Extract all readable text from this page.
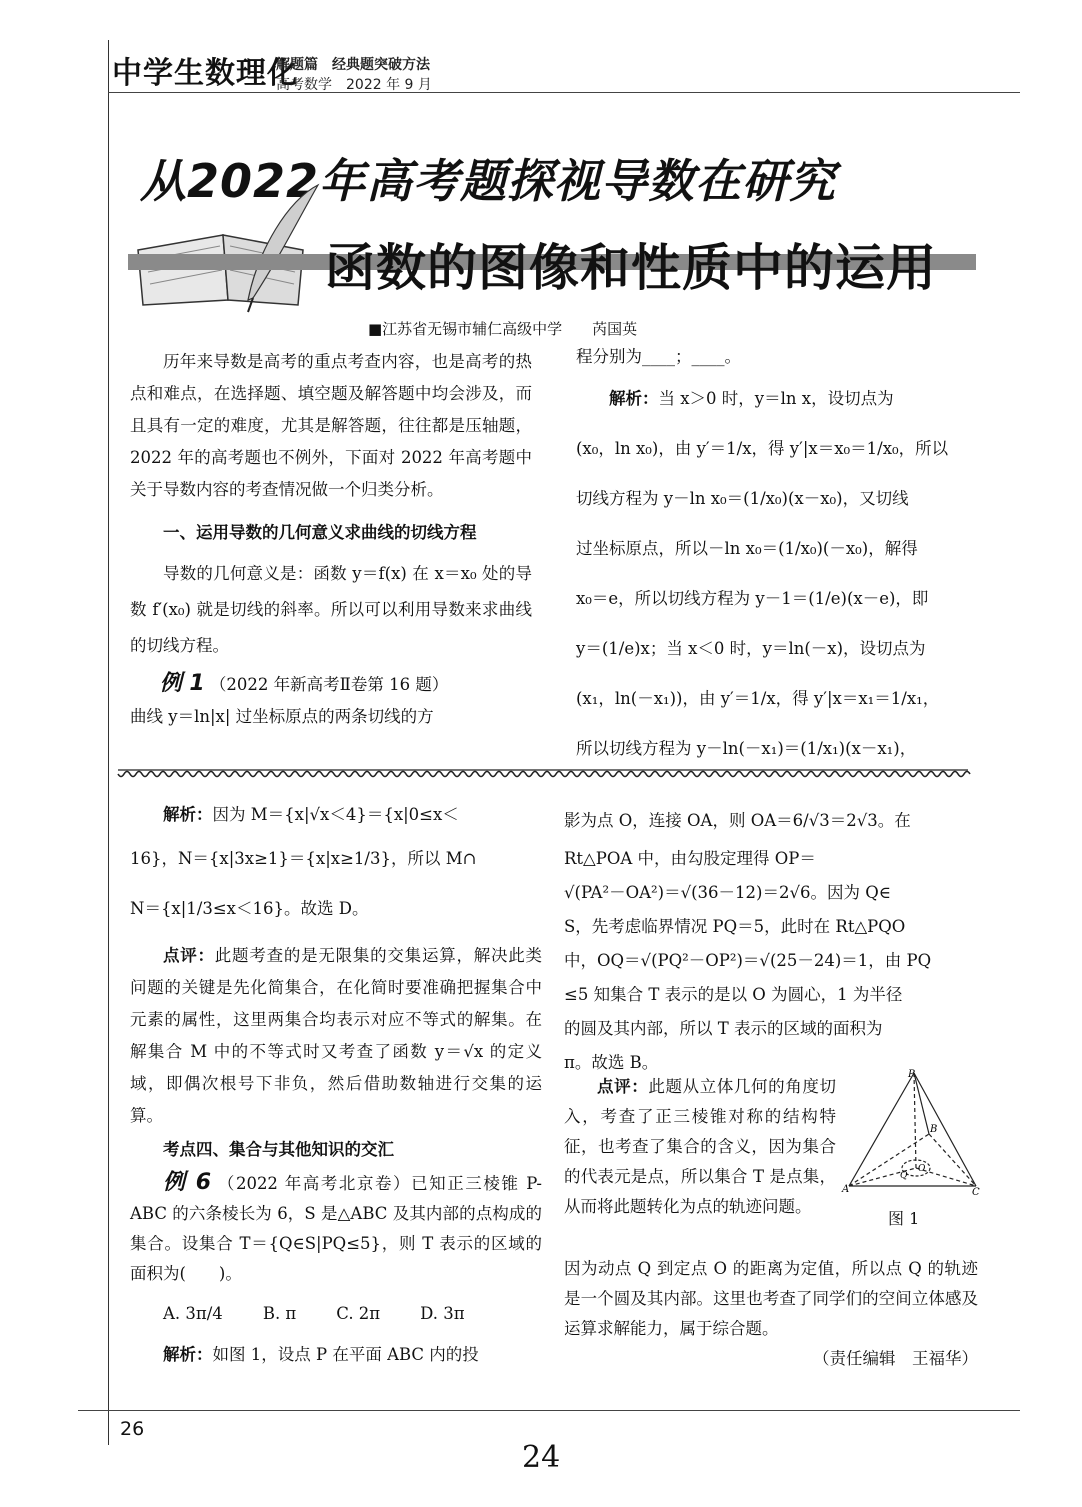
中学生数理化
解题篇　经典题突破方法
高考数学　2022 年 9 月
从2022年高考题探视导数在研究
函数的图像和性质中的运用
■江苏省无锡市辅仁高级中学　　芮国英

历年来导数是高考的重点考查内容，也是高考的热点和难点，在选择题、填空题及解答题中均会涉及，而且具有一定的难度，尤其是解答题，往往都是压轴题，2022 年的高考题也不例外，下面对 2022 年高考题中关于导数内容的考查情况做一个归类分析。

一、运用导数的几何意义求曲线的切线方程

导数的几何意义是：函数 y＝f(x) 在 x＝x₀ 处的导数 f′(x₀) 就是切线的斜率。所以可以利用导数来求曲线的切线方程。

例 1 （2022 年新高考Ⅱ卷第 16 题）

曲线 y＝ln|x| 过坐标原点的两条切线的方

程分别为____；____。

解析：当 x＞0 时，y＝ln x，设切点为

(x₀，ln x₀)，由 y′＝1/x，得 y′|x＝x₀＝1/x₀，所以

切线方程为 y－ln x₀＝(1/x₀)(x－x₀)，又切线

过坐标原点，所以－ln x₀＝(1/x₀)(－x₀)，解得

x₀＝e，所以切线方程为 y－1＝(1/e)(x－e)，即

y＝(1/e)x；当 x＜0 时，y＝ln(－x)，设切点为

(x₁，ln(－x₁))，由 y′＝1/x，得 y′|x＝x₁＝1/x₁，

所以切线方程为 y－ln(－x₁)＝(1/x₁)(x－x₁)，

解析：因为 M＝{x|√x＜4}＝{x|0≤x＜

16}，N＝{x|3x≥1}＝{x|x≥1/3}，所以 M∩

N＝{x|1/3≤x＜16}。故选 D。

点评：此题考查的是无限集的交集运算，解决此类问题的关键是先化简集合，在化简时要准确把握集合中元素的属性，这里两集合均表示对应不等式的解集。在解集合 M 中的不等式时又考查了函数 y＝√x 的定义域，即偶次根号下非负，然后借助数轴进行交集的运算。

考点四、集合与其他知识的交汇

例 6 （2022 年高考北京卷）已知正三棱锥 P-ABC 的六条棱长为 6，S 是△ABC 及其内部的点构成的集合。设集合 T＝{Q∈S|PQ≤5}，则 T 表示的区域的面积为(　　)。

A. 3π/4 B. π C. 2π D. 3π

解析：如图 1，设点 P 在平面 ABC 内的投

影为点 O，连接 OA，则 OA＝6/√3＝2√3。在

Rt△POA 中，由勾股定理得 OP＝

√(PA²－OA²)＝√(36－12)＝2√6。因为 Q∈

S，先考虑临界情况 PQ＝5，此时在 Rt△PQO

中，OQ＝√(PQ²－OP²)＝√(25－24)＝1，由 PQ

≤5 知集合 T 表示的是以 O 为圆心，1 为半径

的圆及其内部，所以 T 表示的区域的面积为

π。故选 B。

点评：此题从立体几何的角度切入，考查了正三棱锥对称的结构特征，也考查了集合的含义，因为集合的代表元是点，所以集合 T 是点集，从而将此题转化为点的轨迹问题。

因为动点 Q 到定点 O 的距离为定值，所以点 Q 的轨迹是一个圆及其内部。这里也考查了同学们的空间立体感及运算求解能力，属于综合题。

（责任编辑　王福华）

P
A
B
C
O
Q
图 1
26
24
